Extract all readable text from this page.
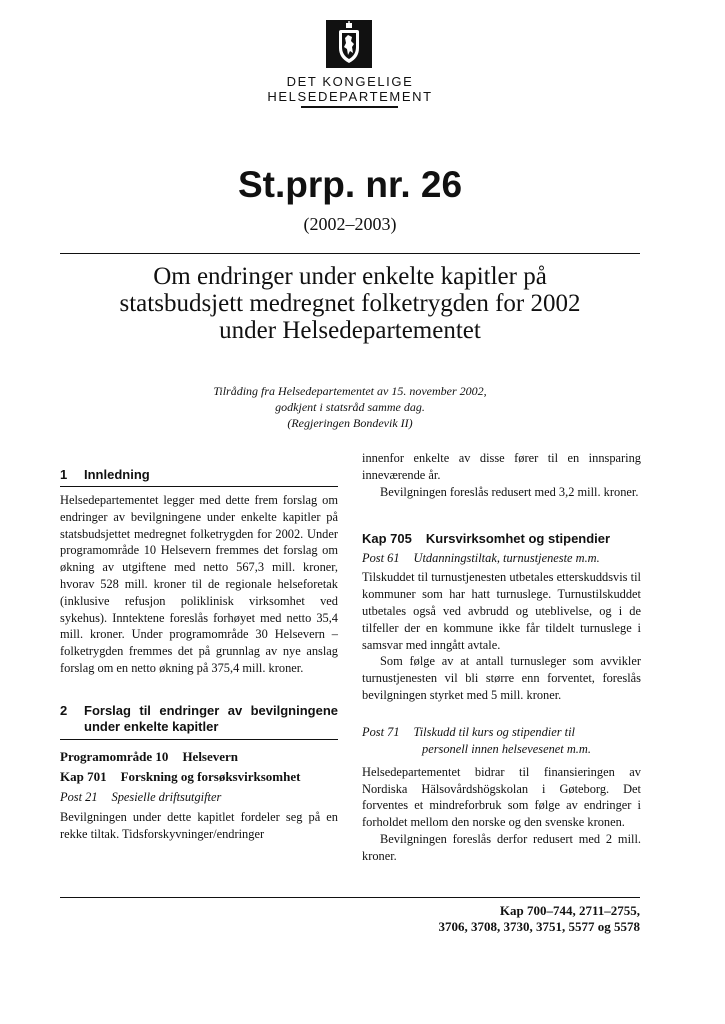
DET KONGELIGE
HELSEDEPARTEMENT
St.prp. nr. 26
(2002–2003)
Om endringer under enkelte kapitler på
statsbudsjett medregnet folketrygden for 2002
under Helsedepartementet
Tilråding fra Helsedepartementet av 15. november 2002,
godkjent i statsråd samme dag.
(Regjeringen Bondevik II)
1 Innledning

Helsedepartementet legger med dette frem forslag om endringer av bevilgningene under enkelte kapitler på statsbudsjettet medregnet folketrygden for 2002. Under programområde 10 Helsevern fremmes det forslag om økning av utgiftene med netto 567,3 mill. kroner, hvorav 528 mill. kroner til de regionale helseforetak (inklusive refusjon poliklinisk virksomhet ved sykehus). Inntektene foreslås forhøyet med netto 35,4 mill. kroner. Under programområde 30 Helsevern – folketrygden fremmes det på grunnlag av nye anslag forslag om en netto økning på 375,4 mill. kroner.

2	Forslag til endringer av bevilgningene under enkelte kapitler
Programområde 10 Helsevern
Kap 701 Forskning og forsøksvirksomhet
Post 21 Spesielle driftsutgifter

Bevilgningen under dette kapitlet fordeler seg på en rekke tiltak. Tidsforskyvninger/endringer

innenfor enkelte av disse fører til en innsparing inneværende år.

Bevilgningen foreslås redusert med 3,2 mill. kroner.

Kap 705 Kursvirksomhet og stipendier
Post 61 Utdanningstiltak, turnustjeneste m.m.

Tilskuddet til turnustjenesten utbetales etterskuddsvis til kommuner som har hatt turnuslege. Turnustilskuddet utbetales også ved avbrudd og uteblivelse, og i de tilfeller der en kommune ikke får tildelt turnuslege i samsvar med inngått avtale.

Som følge av at antall turnusleger som avvikler turnustjenesten vil bli større enn forventet, foreslås bevilgningen styrket med 5 mill. kroner.

Post 71 Tilskudd til kurs og stipendier til
personell innen helsevesenet m.m.

Helsedepartementet bidrar til finansieringen av Nordiska Hälsovårdshögskolan i Gøteborg. Det forventes et mindreforbruk som følge av endringer i forholdet mellom den norske og den svenske kronen.

Bevilgningen foreslås derfor redusert med 2 mill. kroner.

Kap 700–744, 2711–2755,
3706, 3708, 3730, 3751, 5577 og 5578
